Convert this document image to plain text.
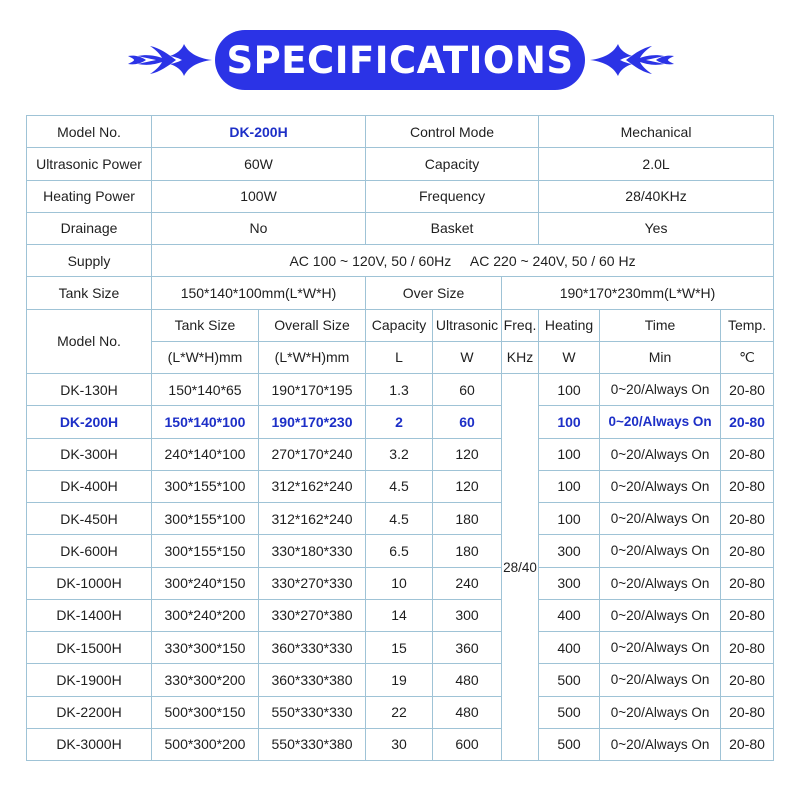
SPECIFICATIONS
Model No.	DK-200H		Control Mode			Mechanical		
Ultrasonic Power	60W		Capacity			2.0L		
Heating Power	100W		Frequency			28/40KHz		
Drainage	No		Basket			Yes		
Supply	AC 100 ~ 120V, 50 / 60Hz     AC 220 ~ 240V, 50 / 60 Hz							
Tank Size	150*140*100mm(L*W*H)		Over Size		190*170*230mm(L*W*H)			
Model No.	Tank Size	Overall Size	Capacity	Ultrasonic	Freq.	Heating	Time	Temp.
	(L*W*H)mm	(L*W*H)mm	L	W	KHz	W	Min	℃
DK-130H	150*140*65	190*170*195	1.3	60	28/40	100	0~20/Always On	20-80
DK-200H	150*140*100	190*170*230	2	60		100	0~20/Always On	20-80
DK-300H	240*140*100	270*170*240	3.2	120		100	0~20/Always On	20-80
DK-400H	300*155*100	312*162*240	4.5	120		100	0~20/Always On	20-80
DK-450H	300*155*100	312*162*240	4.5	180		100	0~20/Always On	20-80
DK-600H	300*155*150	330*180*330	6.5	180		300	0~20/Always On	20-80
DK-1000H	300*240*150	330*270*330	10	240		300	0~20/Always On	20-80
DK-1400H	300*240*200	330*270*380	14	300		400	0~20/Always On	20-80
DK-1500H	330*300*150	360*330*330	15	360		400	0~20/Always On	20-80
DK-1900H	330*300*200	360*330*380	19	480		500	0~20/Always On	20-80
DK-2200H	500*300*150	550*330*330	22	480		500	0~20/Always On	20-80
DK-3000H	500*300*200	550*330*380	30	600		500	0~20/Always On	20-80
